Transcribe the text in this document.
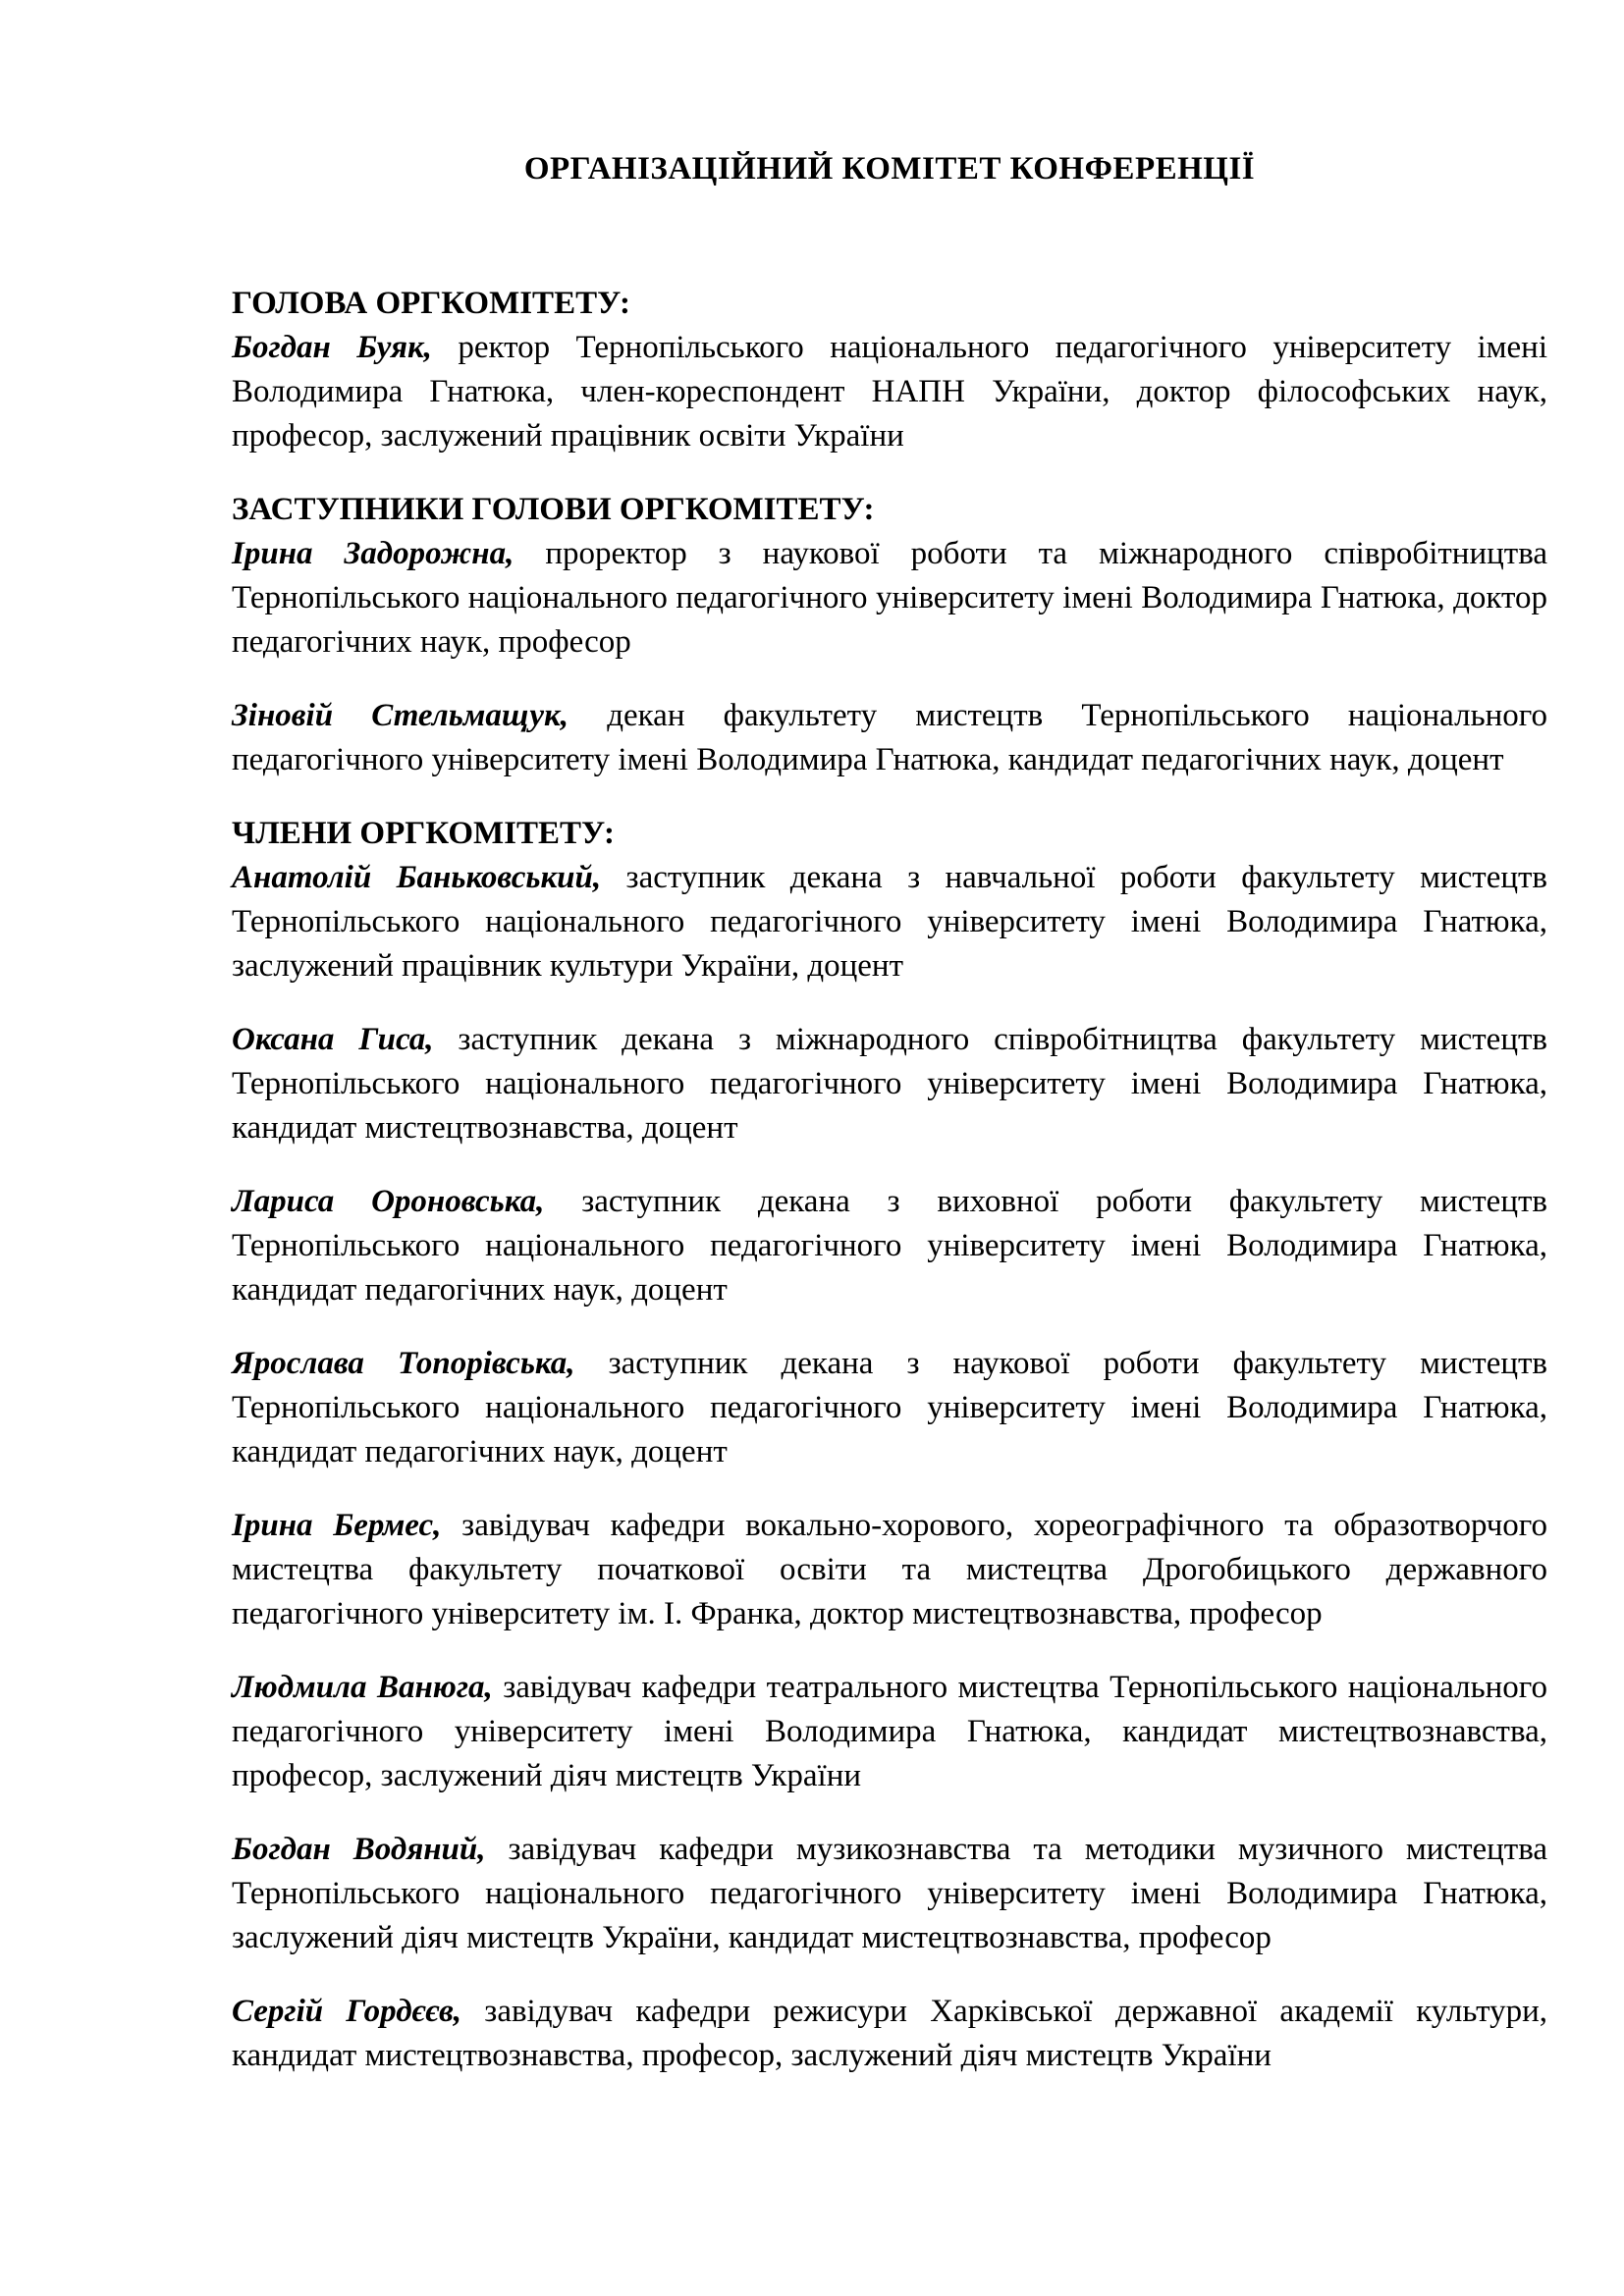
ОРГАНІЗАЦІЙНИЙ КОМІТЕТ КОНФЕРЕНЦІЇ
ГОЛОВА ОРГКОМІТЕТУ:

Богдан Буяк, ректор Тернопільського національного педагогічного університету імені Володимира Гнатюка, член-кореспондент НАПН України, доктор філософських наук, професор, заслужений працівник освіти України

ЗАСТУПНИКИ ГОЛОВИ ОРГКОМІТЕТУ:

Ірина Задорожна, проректор з наукової роботи та міжнародного співробітництва Тернопільського національного педагогічного університету імені Володимира Гнатюка, доктор педагогічних наук, професор

Зіновій Стельмащук, декан факультету мистецтв Тернопільського національного педагогічного університету імені Володимира Гнатюка, кандидат педагогічних наук, доцент

ЧЛЕНИ ОРГКОМІТЕТУ:

Анатолій Баньковський, заступник декана з навчальної роботи факультету мистецтв Тернопільського національного педагогічного університету імені Володимира Гнатюка, заслужений працівник культури України, доцент

Оксана Гиса, заступник декана з міжнародного співробітництва факультету мистецтв Тернопільського національного педагогічного університету імені Володимира Гнатюка, кандидат мистецтвознавства, доцент

Лариса Ороновська, заступник декана з виховної роботи факультету мистецтв Тернопільського національного педагогічного університету імені Володимира Гнатюка, кандидат педагогічних наук, доцент

Ярослава Топорівська, заступник декана з наукової роботи факультету мистецтв Тернопільського національного педагогічного університету імені Володимира Гнатюка, кандидат педагогічних наук, доцент

Ірина Бермес, завідувач кафедри вокально-хорового, хореографічного та образотворчого мистецтва факультету початкової освіти та мистецтва Дрогобицького державного педагогічного університету ім. І. Франка, доктор мистецтвознавства, професор

Людмила Ванюга, завідувач кафедри театрального мистецтва Тернопільського національного педагогічного університету імені Володимира Гнатюка, кандидат мистецтвознавства, професор, заслужений діяч мистецтв України

Богдан Водяний, завідувач кафедри музикознавства та методики музичного мистецтва Тернопільського національного педагогічного університету імені Володимира Гнатюка, заслужений діяч мистецтв України, кандидат мистецтвознавства, професор

Сергій Гордєєв, завідувач кафедри режисури Харківської державної академії культури, кандидат мистецтвознавства, професор, заслужений діяч мистецтв України
